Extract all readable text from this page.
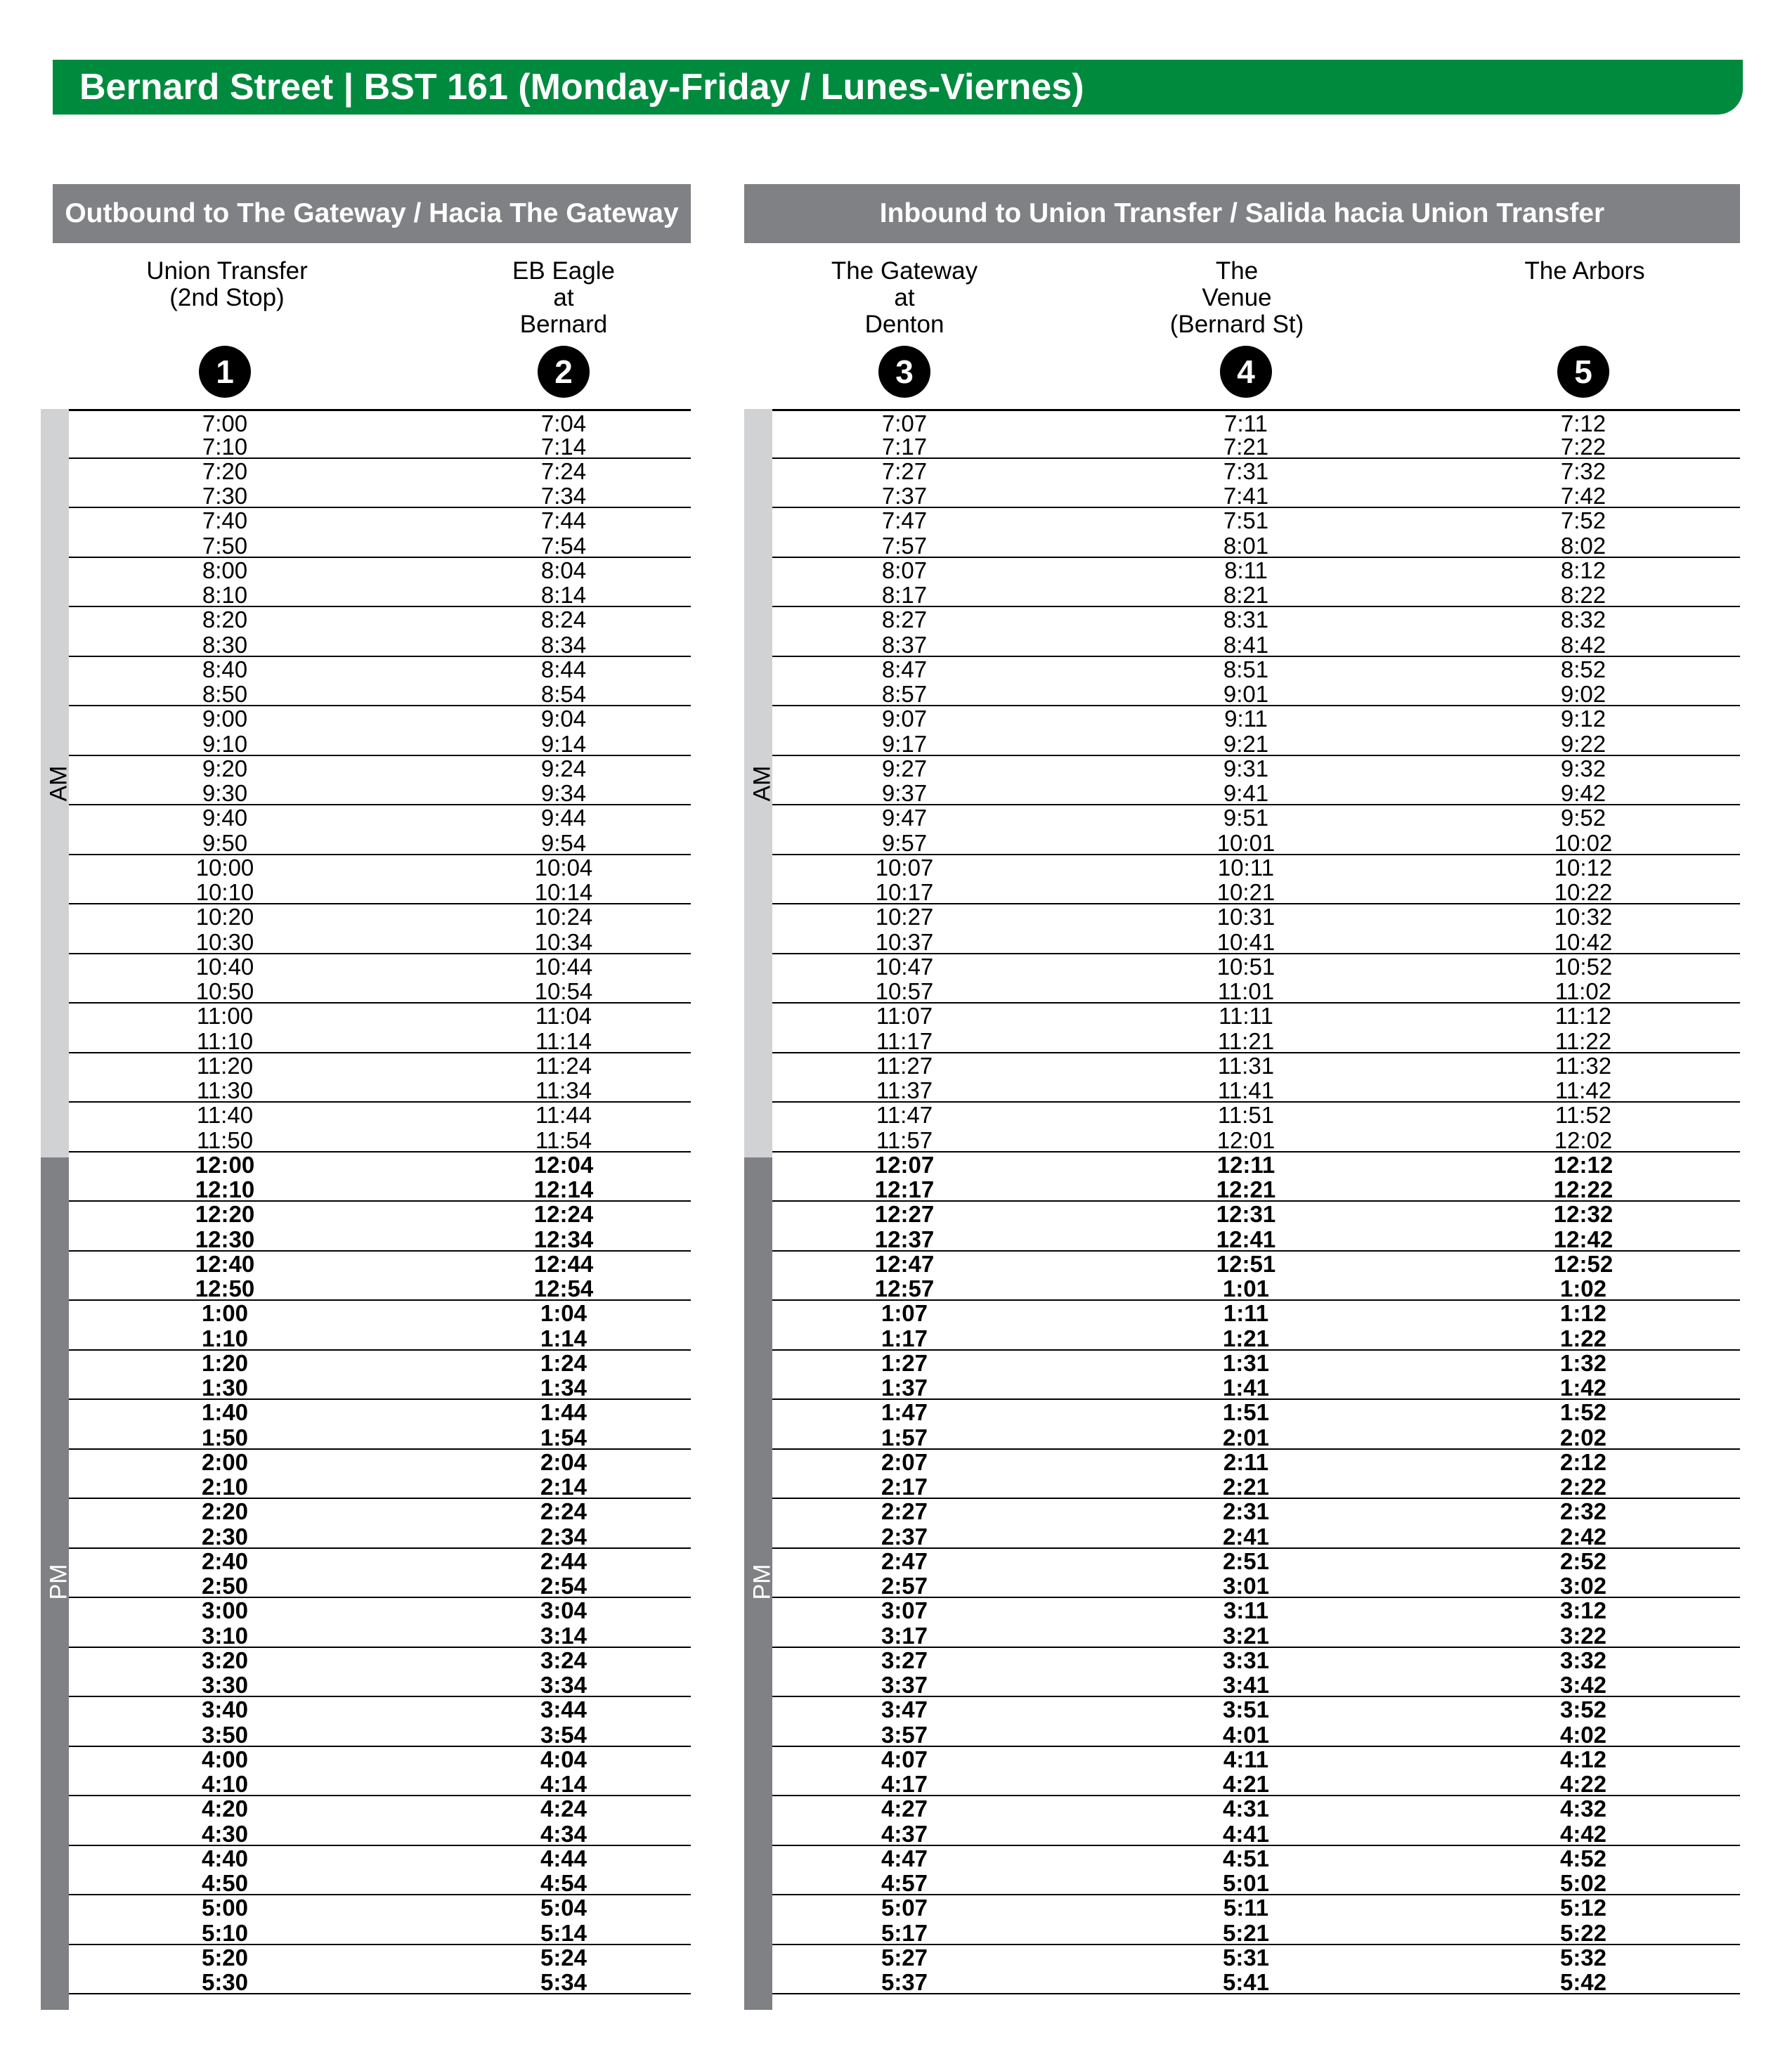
Bernard Street | BST 161 (Monday-Friday / Lunes-Viernes)
Outbound to The Gateway / Hacia The Gateway
Union Transfer
(2nd Stop)
1
EB Eagle
at
Bernard
2
AM
PM
7:00	7:04
7:10	7:14
7:20	7:24
7:30	7:34
7:40	7:44
7:50	7:54
8:00	8:04
8:10	8:14
8:20	8:24
8:30	8:34
8:40	8:44
8:50	8:54
9:00	9:04
9:10	9:14
9:20	9:24
9:30	9:34
9:40	9:44
9:50	9:54
10:00	10:04
10:10	10:14
10:20	10:24
10:30	10:34
10:40	10:44
10:50	10:54
11:00	11:04
11:10	11:14
11:20	11:24
11:30	11:34
11:40	11:44
11:50	11:54
12:00	12:04
12:10	12:14
12:20	12:24
12:30	12:34
12:40	12:44
12:50	12:54
1:00	1:04
1:10	1:14
1:20	1:24
1:30	1:34
1:40	1:44
1:50	1:54
2:00	2:04
2:10	2:14
2:20	2:24
2:30	2:34
2:40	2:44
2:50	2:54
3:00	3:04
3:10	3:14
3:20	3:24
3:30	3:34
3:40	3:44
3:50	3:54
4:00	4:04
4:10	4:14
4:20	4:24
4:30	4:34
4:40	4:44
4:50	4:54
5:00	5:04
5:10	5:14
5:20	5:24
5:30	5:34
Inbound to Union Transfer / Salida hacia Union Transfer
The Gateway
at
Denton
3
The
Venue
(Bernard St)
4
The Arbors
5
AM
PM
7:07	7:11	7:12
7:17	7:21	7:22
7:27	7:31	7:32
7:37	7:41	7:42
7:47	7:51	7:52
7:57	8:01	8:02
8:07	8:11	8:12
8:17	8:21	8:22
8:27	8:31	8:32
8:37	8:41	8:42
8:47	8:51	8:52
8:57	9:01	9:02
9:07	9:11	9:12
9:17	9:21	9:22
9:27	9:31	9:32
9:37	9:41	9:42
9:47	9:51	9:52
9:57	10:01	10:02
10:07	10:11	10:12
10:17	10:21	10:22
10:27	10:31	10:32
10:37	10:41	10:42
10:47	10:51	10:52
10:57	11:01	11:02
11:07	11:11	11:12
11:17	11:21	11:22
11:27	11:31	11:32
11:37	11:41	11:42
11:47	11:51	11:52
11:57	12:01	12:02
12:07	12:11	12:12
12:17	12:21	12:22
12:27	12:31	12:32
12:37	12:41	12:42
12:47	12:51	12:52
12:57	1:01	1:02
1:07	1:11	1:12
1:17	1:21	1:22
1:27	1:31	1:32
1:37	1:41	1:42
1:47	1:51	1:52
1:57	2:01	2:02
2:07	2:11	2:12
2:17	2:21	2:22
2:27	2:31	2:32
2:37	2:41	2:42
2:47	2:51	2:52
2:57	3:01	3:02
3:07	3:11	3:12
3:17	3:21	3:22
3:27	3:31	3:32
3:37	3:41	3:42
3:47	3:51	3:52
3:57	4:01	4:02
4:07	4:11	4:12
4:17	4:21	4:22
4:27	4:31	4:32
4:37	4:41	4:42
4:47	4:51	4:52
4:57	5:01	5:02
5:07	5:11	5:12
5:17	5:21	5:22
5:27	5:31	5:32
5:37	5:41	5:42
